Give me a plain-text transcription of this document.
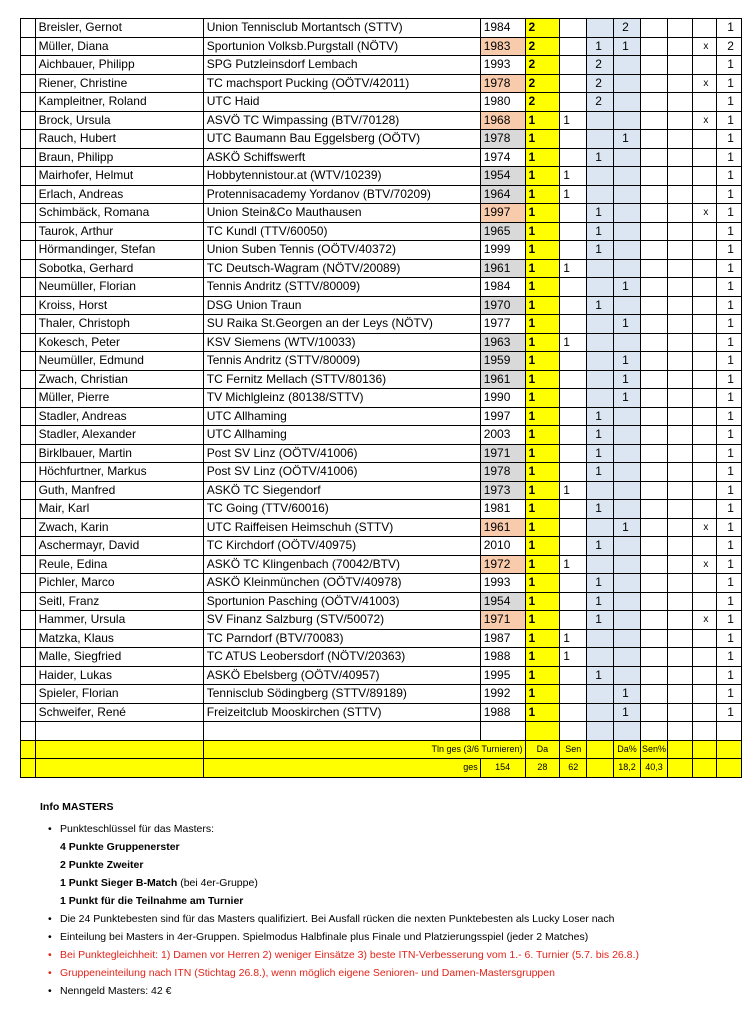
	Breisler, Gernot	Union Tennisclub Mortantsch (STTV)	1984	2			2				1
	Müller, Diana	Sportunion Volksb.Purgstall (NÖTV)	1983	2		1	1			x	2
	Aichbauer, Philipp	SPG Putzleinsdorf Lembach	1993	2		2					1
	Riener, Christine	TC machsport Pucking (OÖTV/42011)	1978	2		2				x	1
	Kampleitner, Roland	UTC Haid	1980	2		2					1
	Brock, Ursula	ASVÖ TC Wimpassing (BTV/70128)	1968	1	1					x	1
	Rauch, Hubert	UTC Baumann Bau Eggelsberg (OÖTV)	1978	1			1				1
	Braun, Philipp	ASKÖ Schiffswerft	1974	1		1					1
	Mairhofer, Helmut	Hobbytennistour.at (WTV/10239)	1954	1	1						1
	Erlach, Andreas	Protennisacademy Yordanov (BTV/70209)	1964	1	1						1
	Schimbäck, Romana	Union Stein&Co Mauthausen	1997	1		1				x	1
	Taurok, Arthur	TC Kundl (TTV/60050)	1965	1		1					1
	Hörmandinger, Stefan	Union Suben Tennis (OÖTV/40372)	1999	1		1					1
	Sobotka, Gerhard	TC Deutsch-Wagram (NÖTV/20089)	1961	1	1						1
	Neumüller, Florian	Tennis Andritz (STTV/80009)	1984	1			1				1
	Kroiss, Horst	DSG Union Traun	1970	1		1					1
	Thaler, Christoph	SU Raika St.Georgen an der Leys (NÖTV)	1977	1			1				1
	Kokesch, Peter	KSV Siemens (WTV/10033)	1963	1	1						1
	Neumüller, Edmund	Tennis Andritz (STTV/80009)	1959	1			1				1
	Zwach, Christian	TC Fernitz Mellach (STTV/80136)	1961	1			1				1
	Müller, Pierre	TV Michlgleinz (80138/STTV)	1990	1			1				1
	Stadler, Andreas	UTC Allhaming	1997	1		1					1
	Stadler, Alexander	UTC Allhaming	2003	1		1					1
	Birklbauer, Martin	Post SV Linz (OÖTV/41006)	1971	1		1					1
	Höchfurtner, Markus	Post SV Linz (OÖTV/41006)	1978	1		1					1
	Guth, Manfred	ASKÖ TC Siegendorf	1973	1	1						1
	Mair, Karl	TC Going (TTV/60016)	1981	1		1					1
	Zwach, Karin	UTC Raiffeisen Heimschuh (STTV)	1961	1			1			x	1
	Aschermayr, David	TC Kirchdorf (OÖTV/40975)	2010	1		1					1
	Reule, Edina	ASKÖ TC Klingenbach (70042/BTV)	1972	1	1					x	1
	Pichler, Marco	ASKÖ Kleinmünchen (OÖTV/40978)	1993	1		1					1
	Seitl, Franz	Sportunion Pasching (OÖTV/41003)	1954	1		1					1
	Hammer, Ursula	SV Finanz Salzburg (STV/50072)	1971	1		1				x	1
	Matzka, Klaus	TC Parndorf (BTV/70083)	1987	1	1						1
	Malle, Siegfried	TC ATUS Leobersdorf (NÖTV/20363)	1988	1	1						1
	Haider, Lukas	ASKÖ Ebelsberg (OÖTV/40957)	1995	1		1					1
	Spieler, Florian	Tennisclub Södingberg (STTV/89189)	1992	1			1				1
	Schweifer, René	Freizeitclub Mooskirchen (STTV)	1988	1			1				1

		Tln ges (3/6 Turnieren)		Da	Sen		Da%	Sen%			
		ges	154	28	62		18,2	40,3			
Info MASTERS
• Punkteschlüssel für das Masters:
4 Punkte Gruppenerster
2 Punkte Zweiter
1 Punkt Sieger B-Match (bei 4er-Gruppe)
1 Punkt für die Teilnahme am Turnier
• Die 24 Punktebesten sind für das Masters qualifiziert. Bei Ausfall rücken die nexten Punktebesten als Lucky Loser nach
• Einteilung bei Masters in 4er-Gruppen. Spielmodus Halbfinale plus Finale und Platzierungsspiel (jeder 2 Matches)
• Bei Punktegleichheit: 1) Damen vor Herren 2) weniger Einsätze 3) beste ITN-Verbesserung vom 1.- 6. Turnier (5.7. bis 26.8.)
• Gruppeneinteilung nach ITN (Stichtag 26.8.), wenn möglich eigene Senioren- und Damen-Mastersgruppen
• Nenngeld Masters: 42 €
